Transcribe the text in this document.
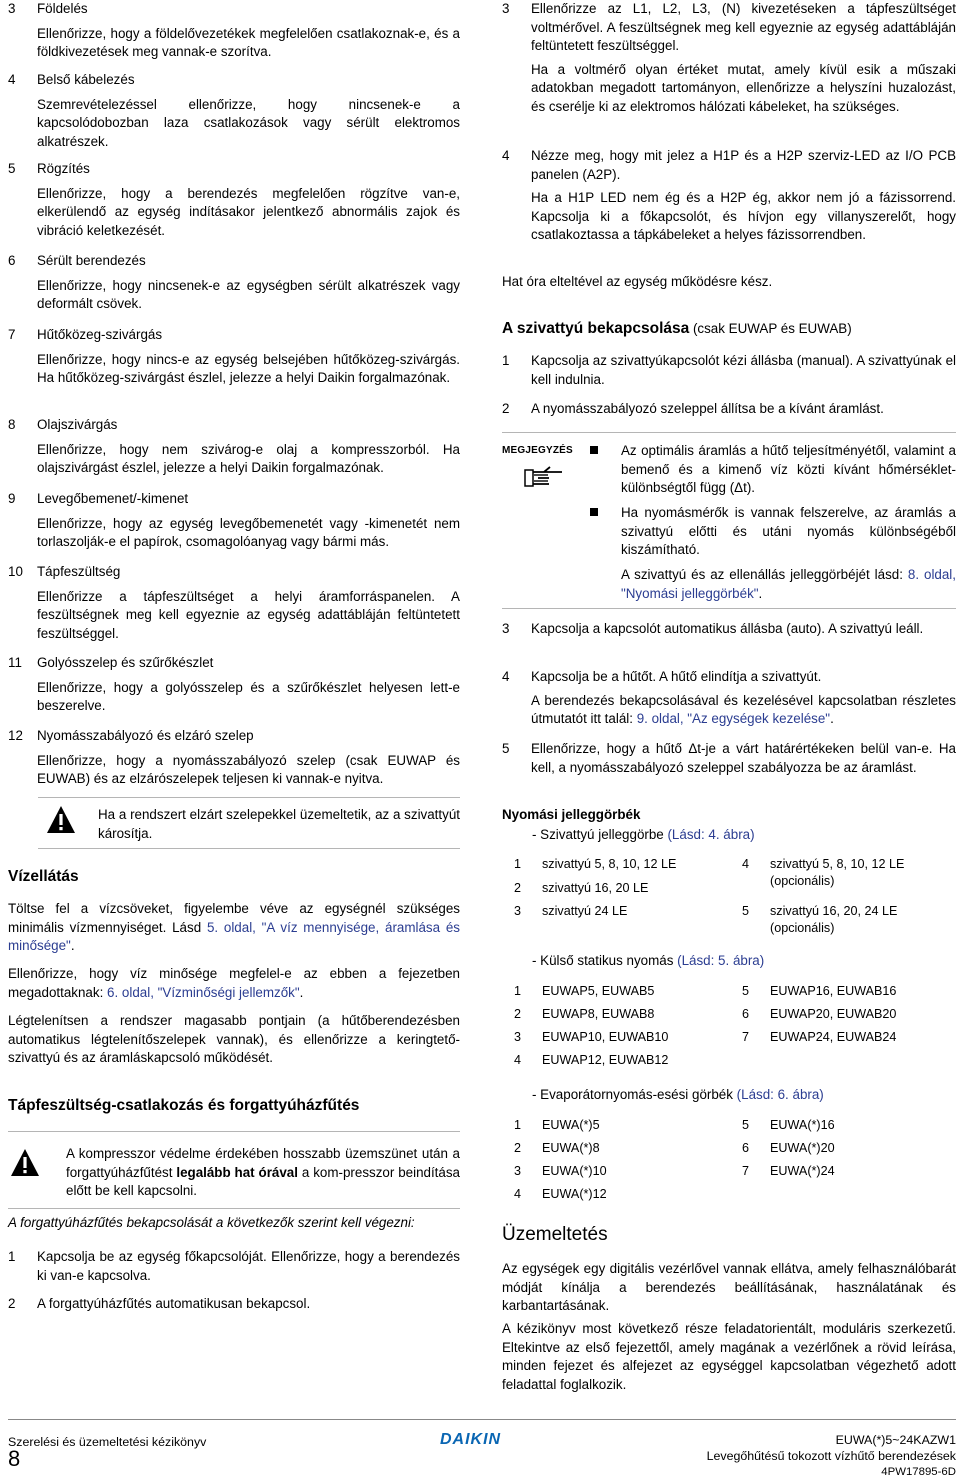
3 Földelés

Ellenőrizze, hogy a földelővezetékek megfelelően csatlakoznak-e, és a földkivezetések meg vannak-e szorítva.

4 Belső kábelezés

Szemrevételezéssel ellenőrizze, hogy nincsenek-e a kapcsolódobozban laza csatlakozások vagy sérült elektromos alkatrészek.

5 Rögzítés

Ellenőrizze, hogy a berendezés megfelelően rögzítve van-e, elkerülendő az egység indításakor jelentkező abnormális zajok és vibráció keletkezését.

6 Sérült berendezés

Ellenőrizze, hogy nincsenek-e az egységben sérült alkatrészek vagy deformált csövek.

7 Hűtőközeg-szivárgás

Ellenőrizze, hogy nincs-e az egység belsejében hűtőközeg-szivárgás. Ha hűtőközeg-szivárgást észlel, jelezze a helyi Daikin forgalmazónak.

8 Olajszivárgás

Ellenőrizze, hogy nem szivárog-e olaj a kompresszorból. Ha olajszivárgást észlel, jelezze a helyi Daikin forgalmazónak.

9 Levegőbemenet/-kimenet

Ellenőrizze, hogy az egység levegőbemenetét vagy -kimenetét nem torlaszolják-e el papírok, csomagolóanyag vagy bármi más.

10 Tápfeszültség

Ellenőrizze a tápfeszültséget a helyi áramforráspanelen. A feszültségnek meg kell egyeznie az egység adattábláján feltüntetett feszültséggel.

11 Golyósszelep és szűrőkészlet

Ellenőrizze, hogy a golyósszelep és a szűrőkészlet helyesen lett-e beszerelve.

12 Nyomásszabályozó és elzáró szelep

Ellenőrizze, hogy a nyomásszabályozó szelep (csak EUWAP és EUWAB) és az elzárószelepek teljesen ki vannak-e nyitva.

Ha a rendszert elzárt szelepekkel üzemeltetik, az a szivattyút károsítja.

Vízellátás

Töltse fel a vízcsöveket, figyelembe véve az egységnél szükséges minimális vízmennyiséget. Lásd 5. oldal, "A víz mennyisége, áramlása és minősége".

Ellenőrizze, hogy víz minősége megfelel-e az ebben a fejezetben megadottaknak: 6. oldal, "Vízminőségi jellemzők".

Légtelenítsen a rendszer magasabb pontjain (a hűtőberendezésben automatikus légtelenítőszelepek vannak), és ellenőrizze a keringtető-szivattyú és az áramláskapcsoló működését.

Tápfeszültség-csatlakozás és forgattyúházfűtés

A kompresszor védelme érdekében hosszabb üzemszünet után a forgattyúházfűtést legalább hat órával a kom-presszor beindítása előtt be kell kapcsolni.

A forgattyúházfűtés bekapcsolását a következők szerint kell végezni:

1 Kapcsolja be az egység főkapcsolóját. Ellenőrizze, hogy a berendezés ki van-e kapcsolva.

2 A forgattyúházfűtés automatikusan bekapcsol.

3 Ellenőrizze az L1, L2, L3, (N) kivezetéseken a tápfeszültséget voltmérővel. A feszültségnek meg kell egyeznie az egység adattábláján feltüntetett feszültséggel.

Ha a voltmérő olyan értéket mutat, amely kívül esik a műszaki adatokban megadott tartományon, ellenőrizze a helyszíni huzalozást, és cserélje ki az elektromos hálózati kábeleket, ha szükséges.

4 Nézze meg, hogy mit jelez a H1P és a H2P szerviz-LED az I/O PCB panelen (A2P).

Ha a H1P LED nem ég és a H2P ég, akkor nem jó a fázissorrend. Kapcsolja ki a főkapcsolót, és hívjon egy villanyszerelőt, hogy csatlakoztassa a tápkábeleket a helyes fázissorrendben.

Hat óra elteltével az egység működésre kész.

A szivattyú bekapcsolása (csak EUWAP és EUWAB)
1 Kapcsolja az szivattyúkapcsolót kézi állásba (manual). A szivattyúnak el kell indulnia.

2 A nyomásszabályozó szeleppel állítsa be a kívánt áramlást.

MEGJEGYZÉS	Az optimális áramlás a hűtő teljesítményétől, valamint a bemenő és a kimenő víz közti kívánt hőmérséklet-különbségtől függ (Δt).

Ha nyomásmérők is vannak felszerelve, az áramlás a szivattyú előtti és utáni nyomás különbségéből kiszámítható.

A szivattyú és az ellenállás jelleggörbéjét lásd: 8. oldal, "Nyomási jelleggörbék".

3 Kapcsolja a kapcsolót automatikus állásba (auto). A szivattyú leáll.

4 Kapcsolja be a hűtőt. A hűtő elindítja a szivattyút.

A berendezés bekapcsolásával és kezelésével kapcsolatban részletes útmutatót itt talál: 9. oldal, "Az egységek kezelése".

5 Ellenőrizze, hogy a hűtő Δt-je a várt határértékeken belül van-e. Ha kell, a nyomásszabályozó szeleppel szabályozza be az áramlást.

Nyomási jelleggörbék

- Szivattyú jelleggörbe (Lásd: 4. ábra)

1	szivattyú 5, 8, 10, 12 LE	4	szivattyú 5, 8, 10, 12 LE (opcionális)
2	szivattyú 16, 20 LE
3	szivattyú 24 LE	5	szivattyú 16, 20, 24 LE (opcionális)

- Külső statikus nyomás (Lásd: 5. ábra)

1	EUWAP5, EUWAB5	5	EUWAP16, EUWAB16
2	EUWAP8, EUWAB8	6	EUWAP20, EUWAB20
3	EUWAP10, EUWAB10	7	EUWAP24, EUWAB24
4	EUWAP12, EUWAB12

- Evaporátornyomás-esési görbék (Lásd: 6. ábra)

1	EUWA(*)5	5	EUWA(*)16
2	EUWA(*)8	6	EUWA(*)20
3	EUWA(*)10	7	EUWA(*)24
4	EUWA(*)12
Üzemeltetés

Az egységek egy digitális vezérlővel vannak ellátva, amely felhasználóbarát módját kínálja a berendezés beállításának, használatának és karbantartásának.

A kézikönyv most következő része feladatorientált, moduláris szerkezetű. Eltekintve az első fejezettől, amely magának a vezérlőnek a rövid leírása, minden fejezet és alfejezet az egységgel kapcsolatban végezhető adott feladattal foglalkozik.

Szerelési és üzemeltetési kézikönyv
8
DAIKIN	EUWA(*)5~24KAZW1
Levegőhűtésű tokozott vízhűtő berendezések
4PW17895-6D
